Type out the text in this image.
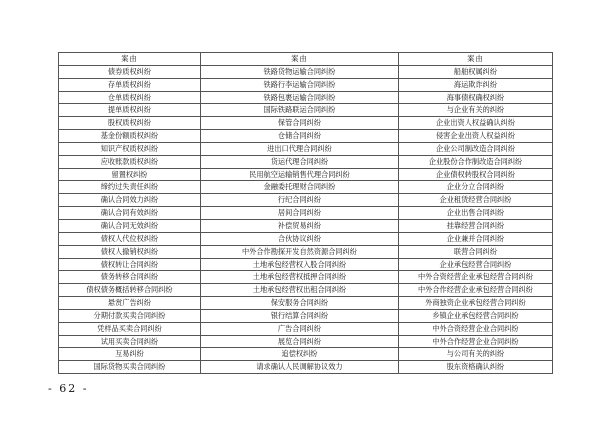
案由	案由	案由
债券质权纠纷	铁路货物运输合同纠纷	船舶权属纠纷
存单质权纠纷	铁路行李运输合同纠纷	海运欺诈纠纷
仓单质权纠纷	铁路包裹运输合同纠纷	海事债权确权纠纷
提单质权纠纷	国际铁路联运合同纠纷	与企业有关的纠纷
股权质权纠纷	保管合同纠纷	企业出资人权益确认纠纷
基金份额质权纠纷	仓储合同纠纷	侵害企业出资人权益纠纷
知识产权质权纠纷	进出口代理合同纠纷	企业公司制改造合同纠纷
应收账款质权纠纷	货运代理合同纠纷	企业股份合作制改造合同纠纷
留置权纠纷	民用航空运输销售代理合同纠纷	企业债权转股权合同纠纷
缔约过失责任纠纷	金融委托理财合同纠纷	企业分立合同纠纷
确认合同效力纠纷	行纪合同纠纷	企业租赁经营合同纠纷
确认合同有效纠纷	居间合同纠纷	企业出售合同纠纷
确认合同无效纠纷	补偿贸易纠纷	挂靠经营合同纠纷
债权人代位权纠纷	合伙协议纠纷	企业兼并合同纠纷
债权人撤销权纠纷	中外合作勘探开发自然资源合同纠纷	联营合同纠纷
债权转让合同纠纷	土地承包经营权入股合同纠纷	企业承包经营合同纠纷
债务转移合同纠纷	土地承包经营权抵押合同纠纷	中外合资经营企业承包经营合同纠纷
债权债务概括转移合同纠纷	土地承包经营权出租合同纠纷	中外合作经营企业承包经营合同纠纷
悬赏广告纠纷	保安服务合同纠纷	外商独资企业承包经营合同纠纷
分期付款买卖合同纠纷	银行结算合同纠纷	乡镇企业承包经营合同纠纷
凭样品买卖合同纠纷	广告合同纠纷	中外合资经营企业合同纠纷
试用买卖合同纠纷	展览合同纠纷	中外合作经营企业合同纠纷
互易纠纷	追偿权纠纷	与公司有关的纠纷
国际货物买卖合同纠纷	请求确认人民调解协议效力	股东资格确认纠纷
- 62 -
